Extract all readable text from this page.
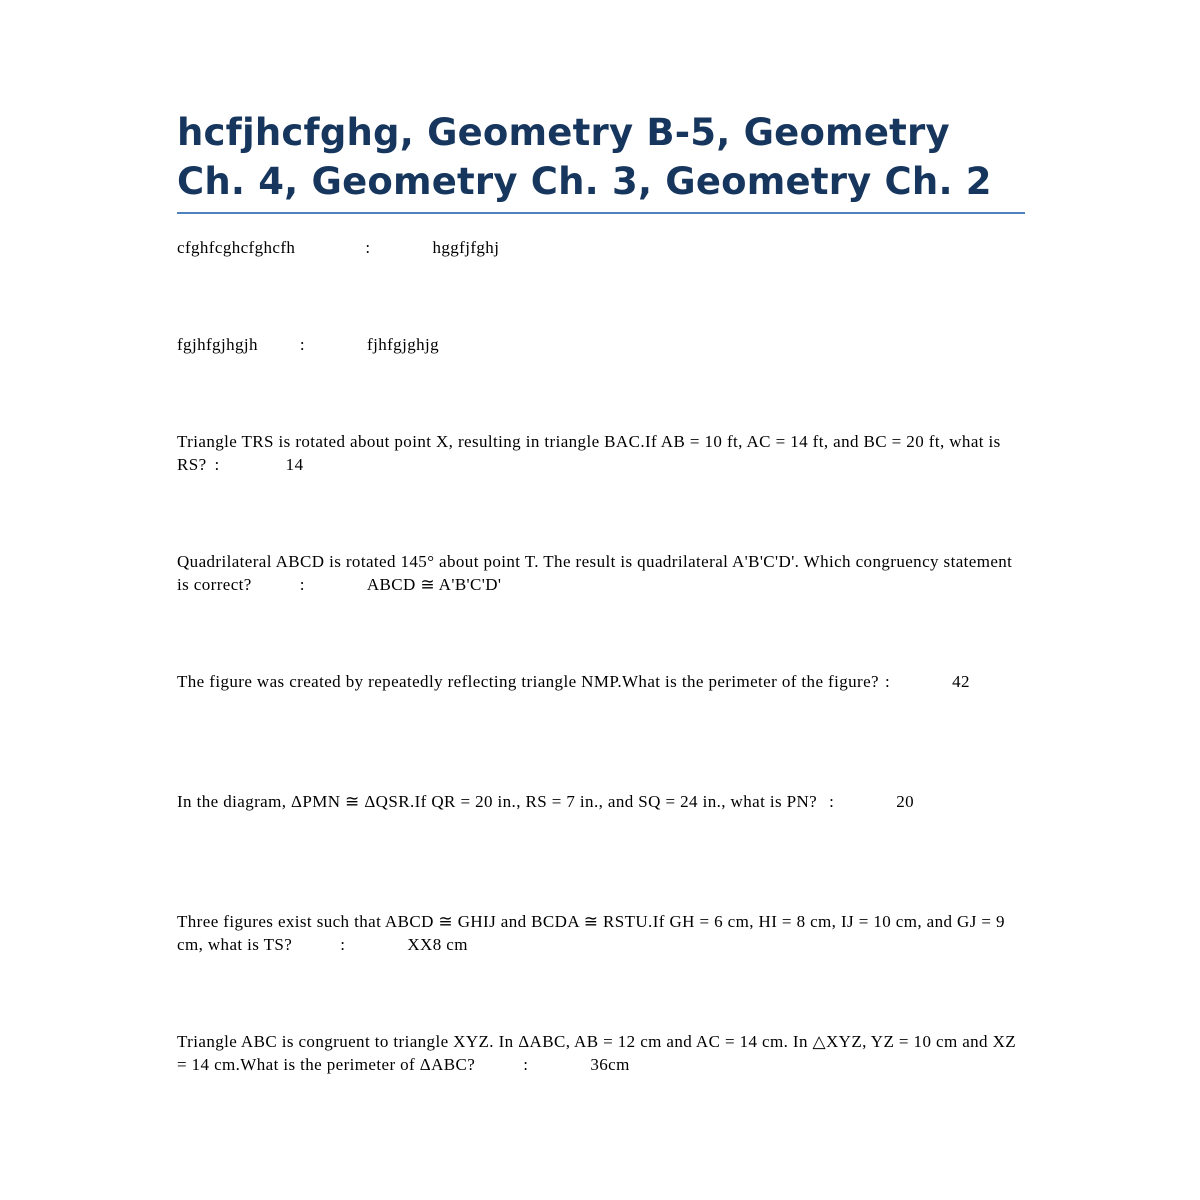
hcfjhcfghg, Geometry B-5, Geometry Ch. 4, Geometry Ch. 3, Geometry Ch. 2

cfghfcghcfghcfh	:	hggfjfghj

fgjhfgjhgjh :	fjhfgjghjg

Triangle TRS is rotated about point X, resulting in triangle BAC.If AB = 10 ft, AC = 14 ft, and BC = 20 ft, what is RS? :	14

Quadrilateral ABCD is rotated 145° about point T. The result is quadrilateral A'B'C'D'. Which congruency statement is correct?	:	ABCD ≅ A'B'C'D'

The figure was created by repeatedly reflecting triangle NMP.What is the perimeter of the figure? :	42

In the diagram, ΔPMN ≅ ΔQSR.If QR = 20 in., RS = 7 in., and SQ = 24 in., what is PN? :	20

Three figures exist such that ABCD ≅ GHIJ and BCDA ≅ RSTU.If GH = 6 cm, HI = 8 cm, IJ = 10 cm, and GJ = 9 cm, what is TS?	:	XX8 cm

Triangle ABC is congruent to triangle XYZ. In ΔABC, AB = 12 cm and AC = 14 cm. In △XYZ, YZ = 10 cm and XZ = 14 cm.What is the perimeter of ΔABC?	:	36cm
